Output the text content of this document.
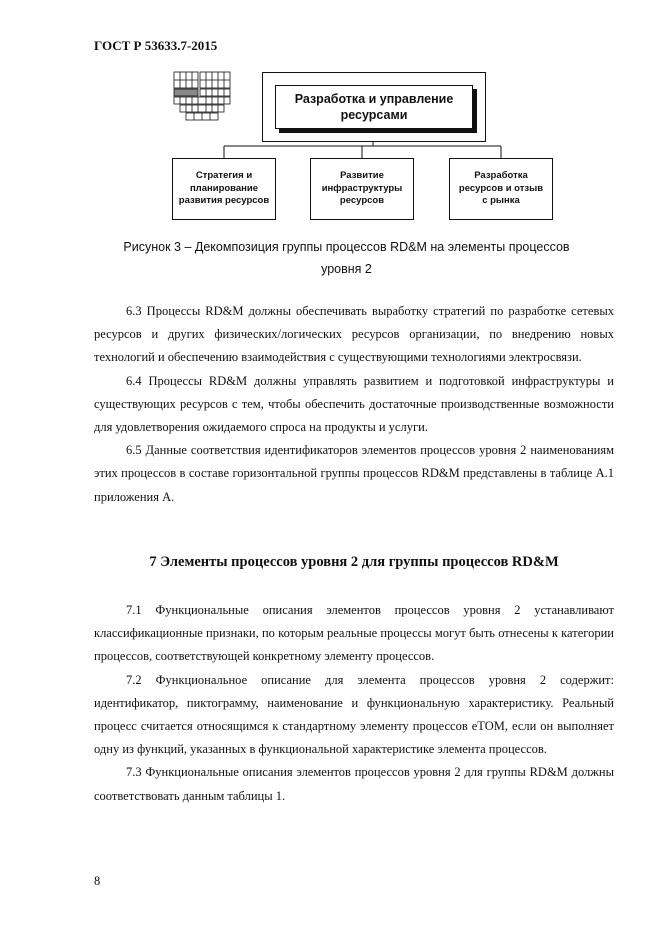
ГОСТ Р 53633.7-2015
Разработка и управление ресурсами
Стратегия и
планирование
развития ресурсов
Развитие
инфраструктуры
ресурсов
Разработка
ресурсов и отзыв
с рынка
Рисунок 3 – Декомпозиция группы процессов RD&M на элементы процессов
уровня 2

6.3 Процессы RD&M должны обеспечивать выработку стратегий по разработке сетевых ресурсов и других физических/логических ресурсов организации, по внедрению новых технологий и обеспечению взаимодействия с существующими технологиями электросвязи.

6.4 Процессы RD&M должны управлять развитием и подготовкой инфраструктуры и существующих ресурсов с тем, чтобы обеспечить достаточные производственные возможности для удовлетворения ожидаемого спроса на продукты и услуги.

6.5 Данные соответствия идентификаторов элементов процессов уровня 2 наименованиям этих процессов в составе горизонтальной группы процессов RD&M представлены в таблице А.1 приложения А.

7 Элементы процессов уровня 2 для группы процессов RD&M

7.1 Функциональные описания элементов процессов уровня 2 устанавливают классификационные признаки, по которым реальные процессы могут быть отнесены к категории процессов, соответствующей конкретному элементу процессов.

7.2 Функциональное описание для элемента процессов уровня 2 содержит: идентификатор, пиктограмму, наименование и функциональную характеристику. Реальный процесс считается относящимся к стандартному элементу процессов eTOM, если он выполняет одну из функций, указанных в функциональной характеристике элемента процессов.

7.3 Функциональные описания элементов процессов уровня 2 для группы RD&M должны соответствовать данным таблицы 1.

8
